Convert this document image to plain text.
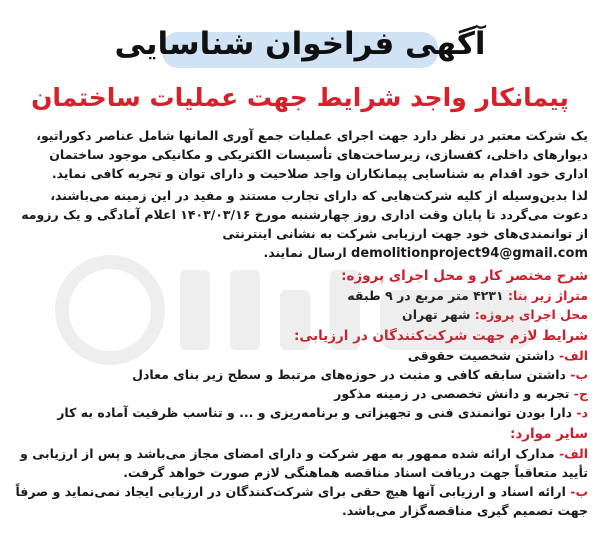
آگهی فراخوان شناسایی
پیمانکار واجد شرایط جهت عملیات ساختمان

یک شرکت معتبر در نظر دارد جهت اجرای عملیات جمع آوری المانها شامل عناصر دکوراتیو، دیوارهای داخلی، کفسازی، زیرساخت‌های تأسیسات الکتریکی و مکانیکی موجود ساختمان اداری خود اقدام به شناسایی پیمانکاران واجد صلاحیت و دارای توان و تجربه کافی نماید.

لذا بدین‌وسیله از کلیه شرکت‌هایی که دارای تجارب مستند و مفید در این زمینه می‌باشند، دعوت می‌گردد تا پایان وقت اداری روز چهارشنبه مورخ ۱۴۰۳/۰۳/۱۶ اعلام آمادگی و یک رزومه از توانمندی‌های خود جهت ارزیابی شرکت به نشانی اینترنتی demolitionproject94@gmail.com ارسال نمایند.

شرح مختصر کار و محل اجرای پروژه:

متراژ زیر بنا: ۴۲۳۱ متر مربع در ۹ طبقه

محل اجرای پروژه: شهر تهران

شرایط لازم جهت شرکت‌کنندگان در ارزیابی:

الف- داشتن شخصیت حقوقی

ب- داشتن سابقه کافی و مثبت در حوزه‌های مرتبط و سطح زیر بنای معادل

ج- تجربه و دانش تخصصی در زمینه مذکور

د- دارا بودن توانمندی فنی و تجهیزاتی و برنامه‌ریزی و ... و تناسب ظرفیت آماده به کار

سایر موارد:

الف- مدارک ارائه شده ممهور به مهر شرکت و دارای امضای مجاز می‌باشد و پس از ارزیابی و تأیید متعاقباً جهت دریافت اسناد مناقصه هماهنگی لازم صورت خواهد گرفت.

ب- ارائه اسناد و ارزیابی آنها هیچ حقی برای شرکت‌کنندگان در ارزیابی ایجاد نمی‌نماید و صرفاً جهت تصمیم گیری مناقصه‌گزار می‌باشد.
